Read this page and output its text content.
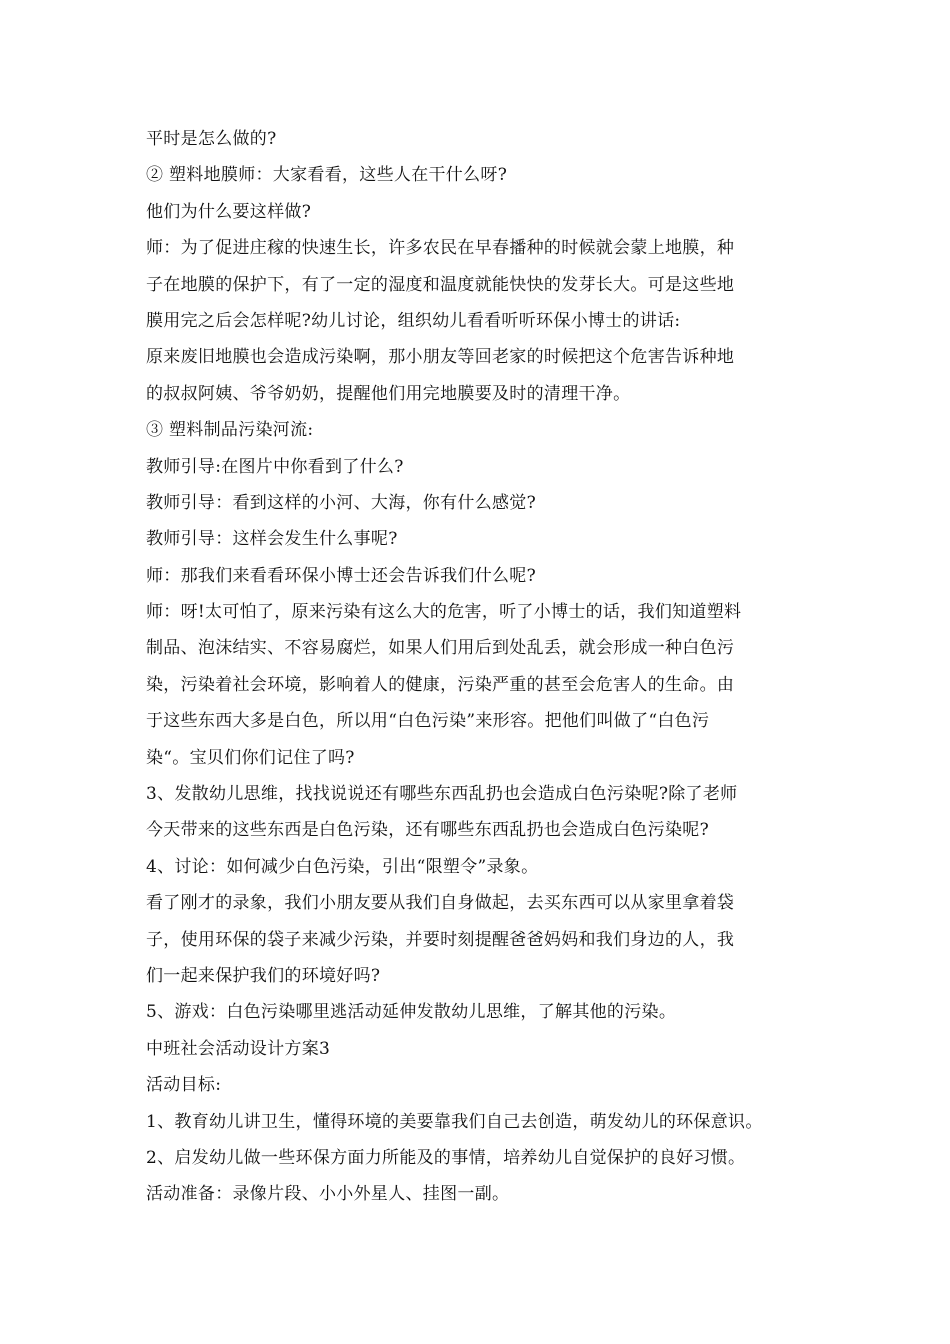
平时是怎么做的?
② 塑料地膜师：大家看看，这些人在干什么呀?
他们为什么要这样做?
师：为了促进庄稼的快速生长，许多农民在早春播种的时候就会蒙上地膜，种
子在地膜的保护下，有了一定的湿度和温度就能快快的发芽长大。可是这些地
膜用完之后会怎样呢?幼儿讨论，组织幼儿看看听听环保小博士的讲话:
原来废旧地膜也会造成污染啊，那小朋友等回老家的时候把这个危害告诉种地
的叔叔阿姨、爷爷奶奶，提醒他们用完地膜要及时的清理干净。
③ 塑料制品污染河流:
教师引导:在图片中你看到了什么?
教师引导：看到这样的小河、大海，你有什么感觉?
教师引导：这样会发生什么事呢?
师：那我们来看看环保小博士还会告诉我们什么呢?
师：呀!太可怕了，原来污染有这么大的危害，听了小博士的话，我们知道塑料
制品、泡沫结实、不容易腐烂，如果人们用后到处乱丢，就会形成一种白色污
染，污染着社会环境，影响着人的健康，污染严重的甚至会危害人的生命。由
于这些东西大多是白色，所以用“白色污染”来形容。把他们叫做了“白色污
染“。宝贝们你们记住了吗?
3、发散幼儿思维，找找说说还有哪些东西乱扔也会造成白色污染呢?除了老师
今天带来的这些东西是白色污染，还有哪些东西乱扔也会造成白色污染呢?
4、讨论：如何减少白色污染，引出“限塑令”录象。
看了刚才的录象，我们小朋友要从我们自身做起，去买东西可以从家里拿着袋
子，使用环保的袋子来减少污染，并要时刻提醒爸爸妈妈和我们身边的人，我
们一起来保护我们的环境好吗?
5、游戏：白色污染哪里逃活动延伸发散幼儿思维，了解其他的污染。
中班社会活动设计方案3
活动目标:
1、教育幼儿讲卫生，懂得环境的美要靠我们自己去创造，萌发幼儿的环保意识。
2、启发幼儿做一些环保方面力所能及的事情，培养幼儿自觉保护的良好习惯。
活动准备：录像片段、小小外星人、挂图一副。
